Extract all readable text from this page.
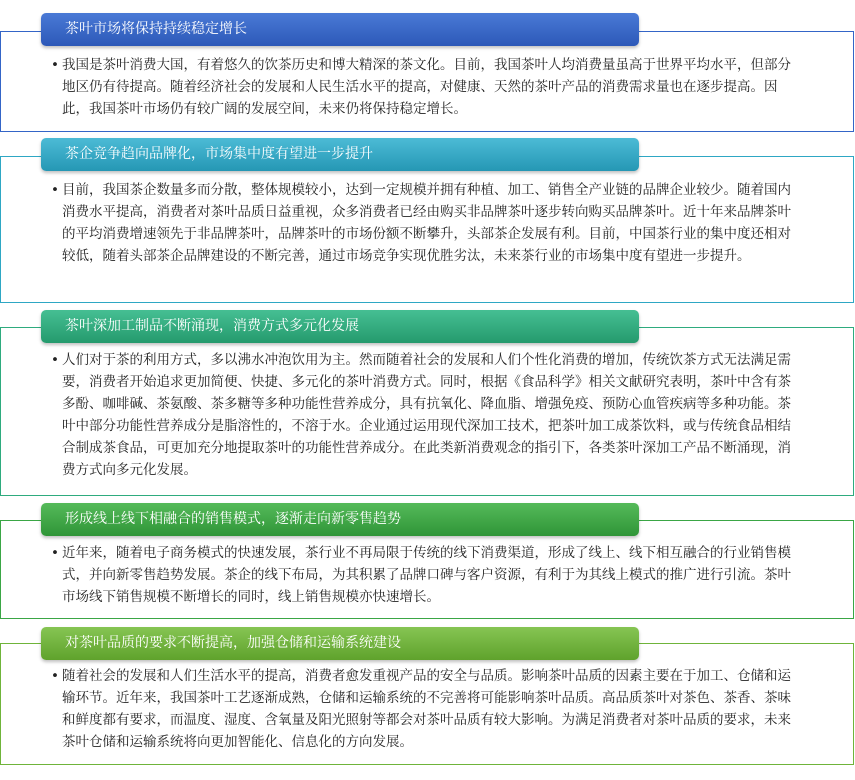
茶叶市场将保持持续稳定增长

• 我国是茶叶消费大国，有着悠久的饮茶历史和博大精深的茶文化。目前，我国茶叶人均消费量虽高于世界平均水平，但部分地区仍有待提高。随着经济社会的发展和人民生活水平的提高，对健康、天然的茶叶产品的消费需求量也在逐步提高。因此，我国茶叶市场仍有较广阔的发展空间，未来仍将保持稳定增长。

茶企竞争趋向品牌化，市场集中度有望进一步提升

• 目前，我国茶企数量多而分散，整体规模较小，达到一定规模并拥有种植、加工、销售全产业链的品牌企业较少。随着国内消费水平提高，消费者对茶叶品质日益重视，众多消费者已经由购买非品牌茶叶逐步转向购买品牌茶叶。近十年来品牌茶叶的平均消费增速领先于非品牌茶叶，品牌茶叶的市场份额不断攀升，头部茶企发展有利。目前，中国茶行业的集中度还相对较低，随着头部茶企品牌建设的不断完善，通过市场竞争实现优胜劣汰，未来茶行业的市场集中度有望进一步提升。

茶叶深加工制品不断涌现，消费方式多元化发展

• 人们对于茶的利用方式，多以沸水冲泡饮用为主。然而随着社会的发展和人们个性化消费的增加，传统饮茶方式无法满足需要，消费者开始追求更加简便、快捷、多元化的茶叶消费方式。同时，根据《食品科学》相关文献研究表明，茶叶中含有茶多酚、咖啡碱、茶氨酸、茶多糖等多种功能性营养成分，具有抗氧化、降血脂、增强免疫、预防心血管疾病等多种功能。茶叶中部分功能性营养成分是脂溶性的，不溶于水。企业通过运用现代深加工技术，把茶叶加工成茶饮料，或与传统食品相结合制成茶食品，可更加充分地提取茶叶的功能性营养成分。在此类新消费观念的指引下，各类茶叶深加工产品不断涌现，消费方式向多元化发展。

形成线上线下相融合的销售模式，逐渐走向新零售趋势

• 近年来，随着电子商务模式的快速发展，茶行业不再局限于传统的线下消费渠道，形成了线上、线下相互融合的行业销售模式，并向新零售趋势发展。茶企的线下布局，为其积累了品牌口碑与客户资源，有利于为其线上模式的推广进行引流。茶叶市场线下销售规模不断增长的同时，线上销售规模亦快速增长。

对茶叶品质的要求不断提高，加强仓储和运输系统建设

• 随着社会的发展和人们生活水平的提高，消费者愈发重视产品的安全与品质。影响茶叶品质的因素主要在于加工、仓储和运输环节。近年来，我国茶叶工艺逐渐成熟，仓储和运输系统的不完善将可能影响茶叶品质。高品质茶叶对茶色、茶香、茶味和鲜度都有要求，而温度、湿度、含氧量及阳光照射等都会对茶叶品质有较大影响。为满足消费者对茶叶品质的要求，未来茶叶仓储和运输系统将向更加智能化、信息化的方向发展。
